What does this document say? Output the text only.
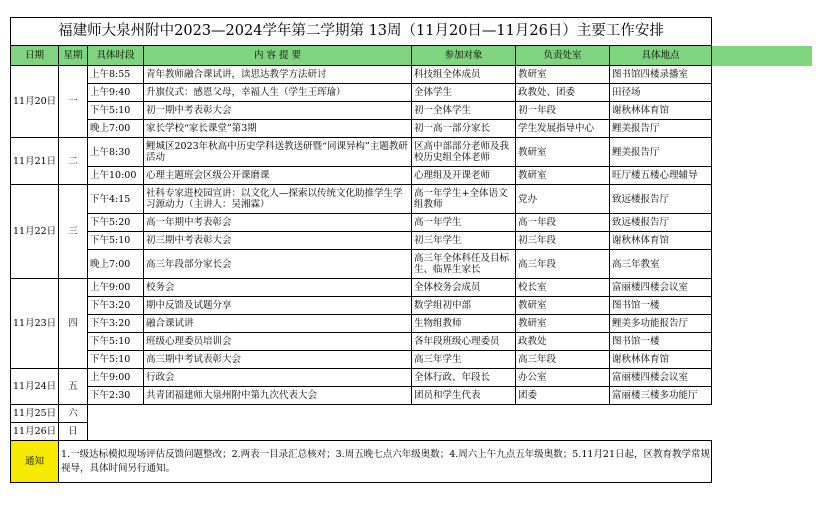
福建师大泉州附中2023—2024学年第二学期第 13周（11月20日—11月26日）主要工作安排							
日期	星期	具体时段	内 容 提 要	参加对象	负责处室	具体地点	
11月20日	一	上午8:55	青年教师融合课试讲，读思达教学方法研讨	科技组全体成员	教研室	图书馆四楼录播室	
		上午9:40	升旗仪式：感恩父母，幸福人生（学生王珲瑜）	全体学生	政教处、团委	田径场	
		下午5:10	初一期中考表彰大会	初一全体学生	初一年段	谢秋林体育馆	
		晚上7:00	家长学校“家长课堂”第3期	初一高一部分家长	学生发展指导中心	鲤美报告厅	
11月21日	二	上午8:30	鲤城区2023年秋高中历史学科送教送研暨“同课异构”主题教研活动	区高中部部分老师及我校历史组全体老师	教研室	鲤美报告厅	
		上午10:00	心理主题班会区级公开课磨课	心理组及开课老师	教研室	旺厅楼五楼心理辅导	
11月22日	三	下午4:15	社科专家进校园宣讲：以文化人—探索以传统文化助推学生学习源动力（主讲人：吴湘霖）	高一年学生+全体语文组教师	党办	致远楼报告厅	
		下午5:20	高一年期中考表彰会	高一年学生	高一年段	致远楼报告厅	
		下午5:10	初三期中考表彰大会	初三年学生	初三年段	谢秋林体育馆	
		晚上7:00	高三年段部分家长会	高三年全体科任及目标生、临界生家长	高三年段	高三年教室	
11月23日	四	上午9:00	校务会	全体校务会成员	校长室	富丽楼四楼会议室	
		下午3:20	期中反馈及试题分享	数学组初中部	教研室	图书馆一楼	
		下午3:20	融合课试讲	生物组教师	教研室	鲤美多功能报告厅	
		下午5:10	班级心理委员培训会	各年段班级心理委员	政教处	图书馆一楼	
		下午5:10	高三期中考试表彰大会	高三年学生	高三年段	谢秋林体育馆	
11月24日	五	上午9:00	行政会	全体行政、年段长	办公室	富丽楼四楼会议室	
		下午2:30	共青团福建师大泉州附中第九次代表大会	团员和学生代表	团委	富丽楼三楼多功能厅	
11月25日	六						
11月26日	日						
通知	1.一级达标模拟现场评估反馈问题整改；2.两表一目录汇总核对；3.周五晚七点六年级奥数；4.周六上午九点五年级奥数；5.11月21日起，区教育教学常规视导，具体时间另行通知。						
